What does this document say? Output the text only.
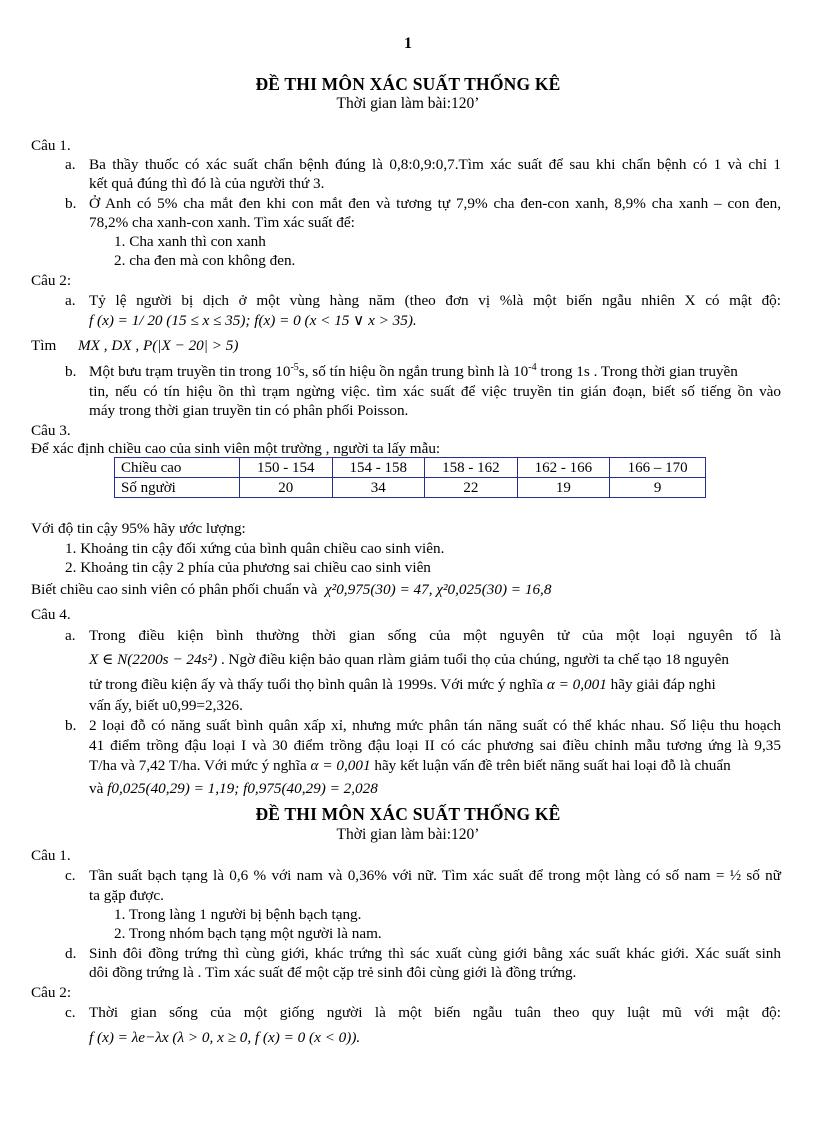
1
ĐỀ THI MÔN XÁC SUẤT THỐNG KÊ
Thời gian làm bài:120’
Câu 1.
a. Ba thầy thuốc có xác suất chẩn bệnh đúng là 0,8:0,9:0,7.Tìm xác suất để sau khi chẩn bệnh có 1 và chỉ 1
kết quả đúng thì đó là của người thứ 3.
b. Ở Anh có 5% cha mắt đen khi con mắt đen và tương tự 7,9% cha đen-con xanh, 8,9% cha xanh – con đen,
78,2% cha xanh-con xanh. Tìm xác suất để:
1. Cha xanh thì con xanh
2. cha đen mà con không đen.
Câu 2:
a. Tỷ lệ người bị dịch ở một vùng hàng năm (theo đơn vị %là một biến ngẫu nhiên X có mật độ:
f (x) = 1/ 20 (15 ≤ x ≤ 35); f(x) = 0 (x < 15 ∨ x > 35).
Tìm MX , DX , P(|X − 20| > 5)
b. Một bưu trạm truyền tin trong $10^{-5}s$, số tín hiệu ồn ngắn trung bình là $10^{-4}$ trong 1s . Trong thời gian truyền
tin, nếu có tín hiệu ồn thì trạm ngừng việc. tìm xác suất để việc truyền tin gián đoạn, biết số tiếng ồn vào
máy trong thời gian truyền tin có phân phối Poisson.
Câu 3.
Để xác định chiều cao của sinh viên một trường , người ta lấy mẫu:
Chiều cao	150 - 154	154 - 158	158 - 162	162 - 166	166 – 170
Số người	20	34	22	19	9
Với độ tin cậy 95% hãy ước lượng:
1. Khoảng tin cậy đối xứng của bình quân chiều cao sinh viên.
2. Khoảng tin cậy 2 phía của phương sai chiều cao sinh viên
Biết chiều cao sinh viên có phân phối chuẩn và χ²0,975(30) = 47, χ²0,025(30) = 16,8
Câu 4.
a. Trong điều kiện bình thường thời gian sống của một nguyên tử của một loại nguyên tố là
X ∈ N(2200s − 24s²) . Ngờ điều kiện bảo quan rlàm giảm tuổi thọ của chúng, người ta chế tạo 18 nguyên
tử trong điều kiện ấy và thấy tuổi thọ bình quân là 1999s. Với mức ý nghĩa α = 0,001 hãy giải đáp nghi
vấn ấy, biết u0,99=2,326.
b. 2 loại đỗ có năng suất bình quân xấp xỉ, nhưng mức phân tán năng suất có thể khác nhau. Số liệu thu hoạch
41 điểm trồng đậu loại I và 30 điểm trồng đậu loại II có các phương sai điều chỉnh mẫu tương ứng là 9,35
T/ha và 7,42 T/ha. Với mức ý nghĩa α = 0,001 hãy kết luận vấn đề trên biết năng suất hai loại đỗ là chuẩn
và f0,025(40,29) = 1,19; f0,975(40,29) = 2,028
ĐỀ THI MÔN XÁC SUẤT THỐNG KÊ
Thời gian làm bài:120’
Câu 1.
c. Tần suất bạch tạng là 0,6 % với nam và 0,36% với nữ. Tìm xác suất để trong một làng có số nam = ½ số nữ
ta gặp được.
1. Trong làng 1 người bị bệnh bạch tạng.
2. Trong nhóm bạch tạng một người là nam.
d. Sinh đôi đồng trứng thì cùng giới, khác trứng thì sác xuất cùng giới bằng xác suất khác giới. Xác suất sinh
dôi đồng trứng là . Tìm xác suất để một cặp trẻ sinh đôi cùng giới là đồng trứng.
Câu 2:
c. Thời gian sống của một giống người là một biến ngẫu tuân theo quy luật mũ với mật độ:
f (x) = λe−λx (λ > 0, x ≥ 0, f (x) = 0 (x < 0)).
